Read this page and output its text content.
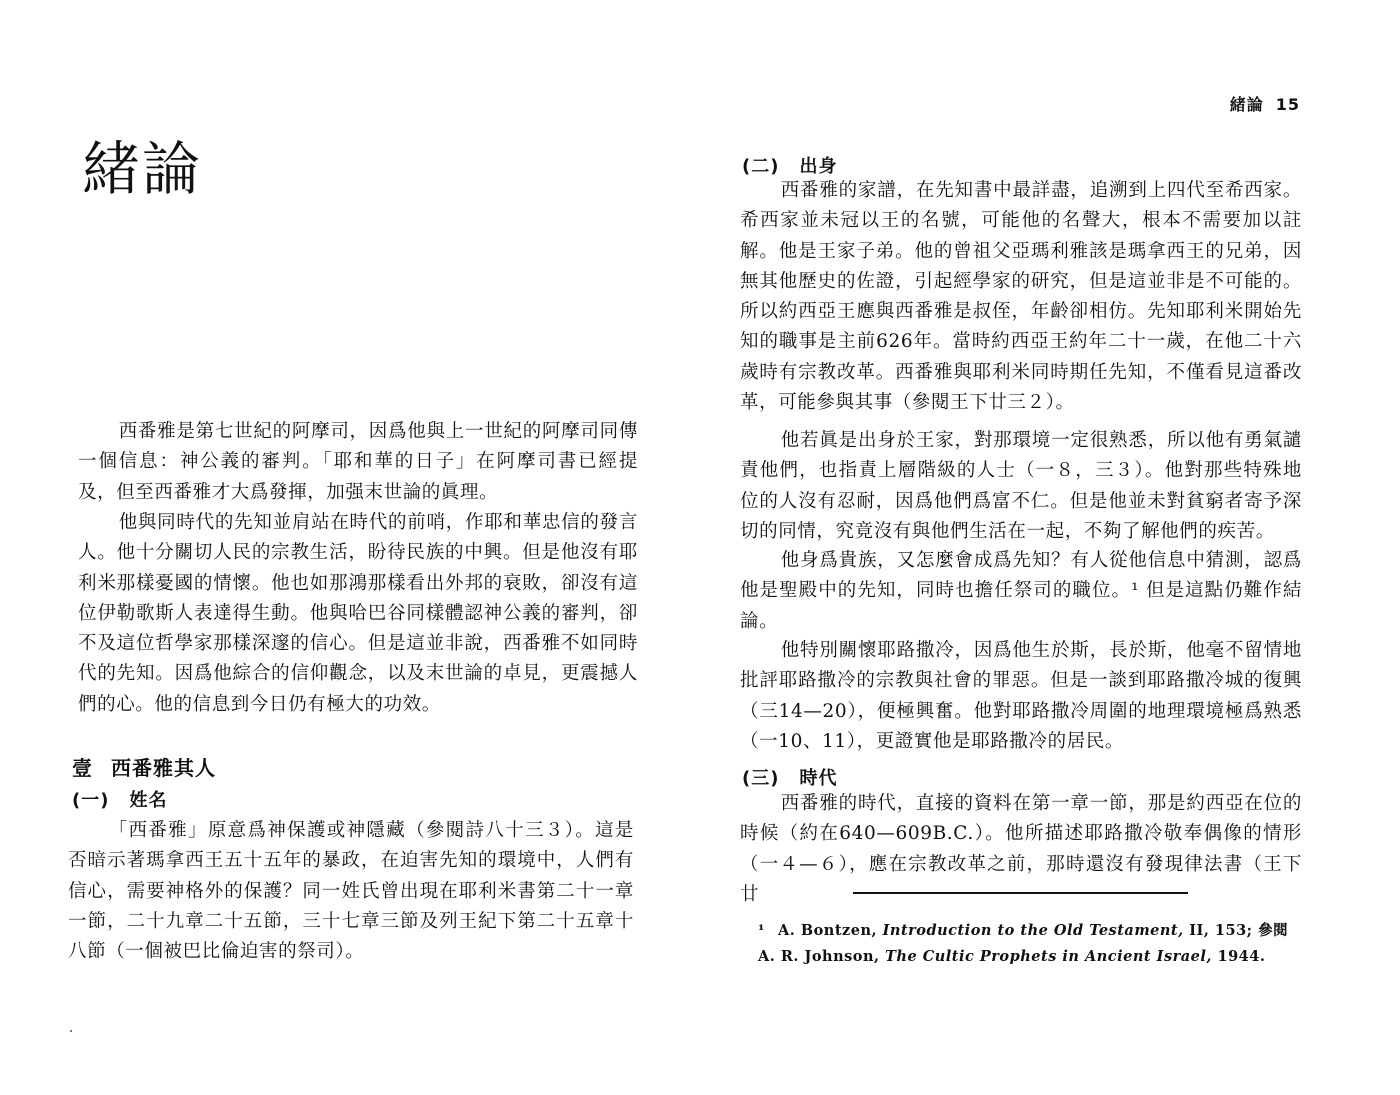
緒論

西番雅是第七世紀的阿摩司，因爲他與上一世紀的阿摩司同傳一個信息：神公義的審判。「耶和華的日子」在阿摩司書已經提及，但至西番雅才大爲發揮，加强末世論的眞理。

他與同時代的先知並肩站在時代的前哨，作耶和華忠信的發言人。他十分關切人民的宗教生活，盼待民族的中興。但是他沒有耶利米那樣憂國的情懷。他也如那鴻那樣看出外邦的衰敗，卻沒有這位伊勒歌斯人表達得生動。他與哈巴谷同樣體認神公義的審判，卻不及這位哲學家那樣深邃的信心。但是這並非說，西番雅不如同時代的先知。因爲他綜合的信仰觀念，以及末世論的卓見，更震撼人們的心。他的信息到今日仍有極大的功效。

壹 西番雅其人
(一) 姓名

「西番雅」原意爲神保護或神隱藏（參閱詩八十三３）。這是否暗示著瑪拿西王五十五年的暴政，在迫害先知的環境中，人們有信心，需要神格外的保護？同一姓氏曾出現在耶利米書第二十一章一節，二十九章二十五節，三十七章三節及列王紀下第二十五章十八節（一個被巴比倫迫害的祭司）。

緒論 15
(二) 出身

西番雅的家譜，在先知書中最詳盡，追溯到上四代至希西家。希西家並未冠以王的名號，可能他的名聲大，根本不需要加以註解。他是王家子弟。他的曾祖父亞瑪利雅該是瑪拿西王的兄弟，因無其他歷史的佐證，引起經學家的研究，但是這並非是不可能的。所以約西亞王應與西番雅是叔侄，年齡卻相仿。先知耶利米開始先知的職事是主前626年。當時約西亞王約年二十一歲，在他二十六歲時有宗教改革。西番雅與耶利米同時期任先知，不僅看見這番改革，可能參與其事（參閱王下廿三２）。

他若眞是出身於王家，對那環境一定很熟悉，所以他有勇氣譴責他們，也指責上層階級的人士（一８，三３）。他對那些特殊地位的人沒有忍耐，因爲他們爲富不仁。但是他並未對貧窮者寄予深切的同情，究竟沒有與他們生活在一起，不夠了解他們的疾苦。

他身爲貴族，又怎麼會成爲先知？有人從他信息中猜測，認爲他是聖殿中的先知，同時也擔任祭司的職位。¹ 但是這點仍難作結論。

他特別關懷耶路撒冷，因爲他生於斯，長於斯，他毫不留情地批評耶路撒冷的宗教與社會的罪惡。但是一談到耶路撒冷城的復興（三14—20），便極興奮。他對耶路撒冷周圍的地理環境極爲熟悉（一10、11），更證實他是耶路撒冷的居民。

(三) 時代

西番雅的時代，直接的資料在第一章一節，那是約西亞在位的時候（約在640—609B.C.）。他所描述耶路撒冷敬奉偶像的情形（一４—６），應在宗教改革之前，那時還沒有發現律法書（王下廿

¹ A. Bontzen, Introduction to the Old Testament, II, 153; 參閱 A. R. Johnson, The Cultic Prophets in Ancient Israel, 1944.
